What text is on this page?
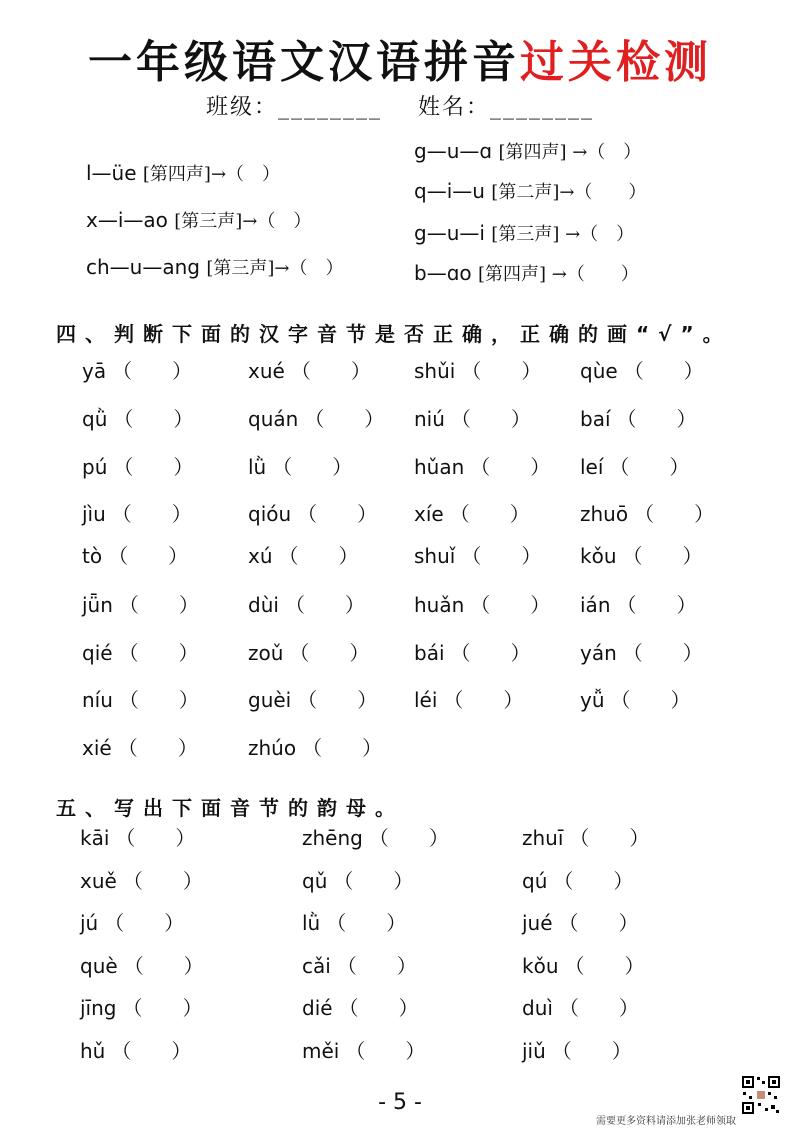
一年级语文汉语拼音过关检测
班级：________ 姓名：________
l—üe [第四声]→（　）
x—i—ao [第三声]→（　）
ch—u—ang [第三声]→（　）
g—u—ɑ [第四声] →（　）
q—i—u [第二声]→（　　）
g—u—i [第三声] →（　）
b—ɑo [第四声] →（　　）
四、判断下面的汉字音节是否正确，正确的画“√”。
yā （　　）	xué （　　） shǔi （　　） qùe （　　）
qǜ （　　）	quán （　　） niú （　　） baí （　　）
pú （　　）	lǜ （　　）	hǔan （　　） leí （　　）
jìu （　　）	qióu （　　） xíe （　　）	zhuō （　　）
tò （　　）	xú （　　）	shuǐ （　　） kǒu （　　）
jǖn （　　） dùi （　　） huǎn （　　） ián （　　）
qié （　　） zoǔ （　　） bái （　　） yán （　　）
níu （　　） guèi （　　） léi （　　）	yǚ （　　）
xié （　　）	zhúo （　　）
五、写出下面音节的韵母。
kāi （　　）	zhēng （　　）	zhuī （　　）
xuě （　　）	qǔ （　　）	qú （　　）
jú （　　）	lǜ （　　）	jué （　　）
què （　　）	cǎi （　　）	kǒu （　　）
jīng （　　）	dié （　　）	duì （　　）
hǔ （　　）	měi （　　）	jiǔ （　　）
- 5 -
需要更多资料请添加张老师领取
